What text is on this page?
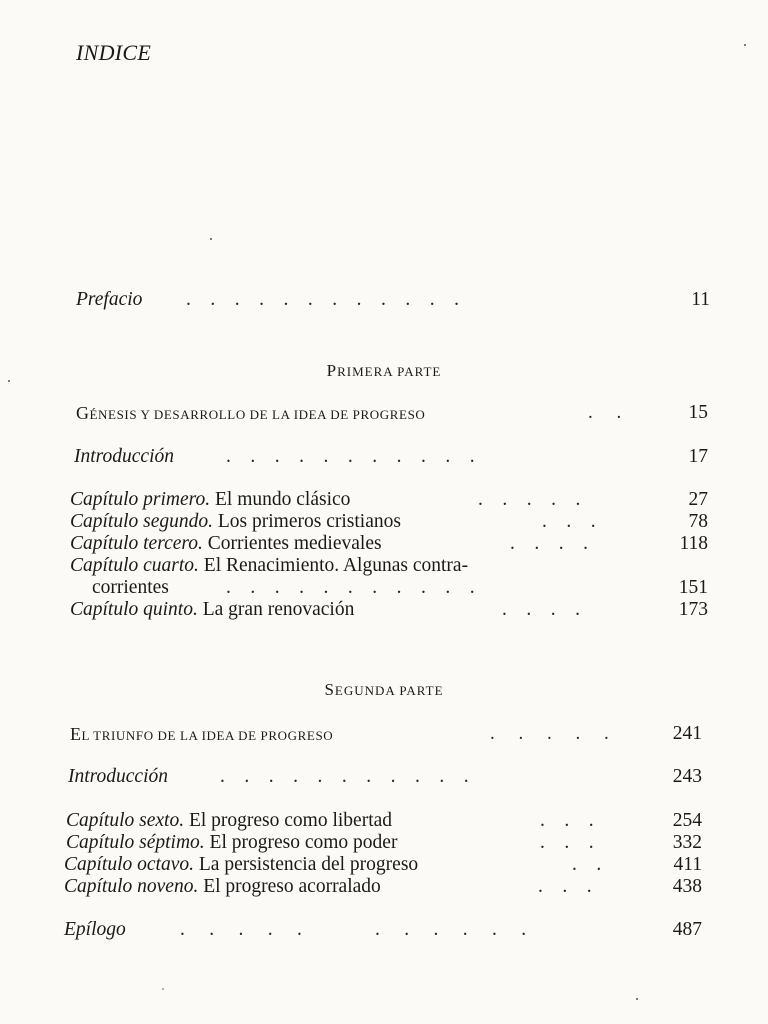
INDICE
Prefacio .    .    .    .    .    .    .    .    .    .    .    .	11
PRIMERA PARTE
GÉNESIS Y DESARROLLO DE LA IDEA DE PROGRESO	.     .	15
Introducción	.    .    .    .    .    .    .    .    .    .    .	17
Capítulo primero. El mundo clásico	.    .    .    .    .	27
Capítulo segundo. Los primeros cristianos	.    .    .	78
Capítulo tercero. Corrientes medievales	.    .    .    .	118
Capítulo cuarto. El Renacimiento. Algunas contra-
corrientes	.    .    .    .    .    .    .    .    .    .    .	151
Capítulo quinto. La gran renovación	.    .    .    .	173
SEGUNDA PARTE
EL TRIUNFO DE LA IDEA DE PROGRESO	.     .     .     .     .	241
Introducción	.    .    .    .    .    .    .    .    .    .    .	243
Capítulo sexto. El progreso como libertad	.    .    .	254
Capítulo séptimo. El progreso como poder	.    .    .	332
Capítulo octavo. La persistencia del progreso	.    .	411
Capítulo noveno. El progreso acorralado	.    .    .	438
Epílogo	.     .     .     .     .               .     .     .     .     .     .	487
